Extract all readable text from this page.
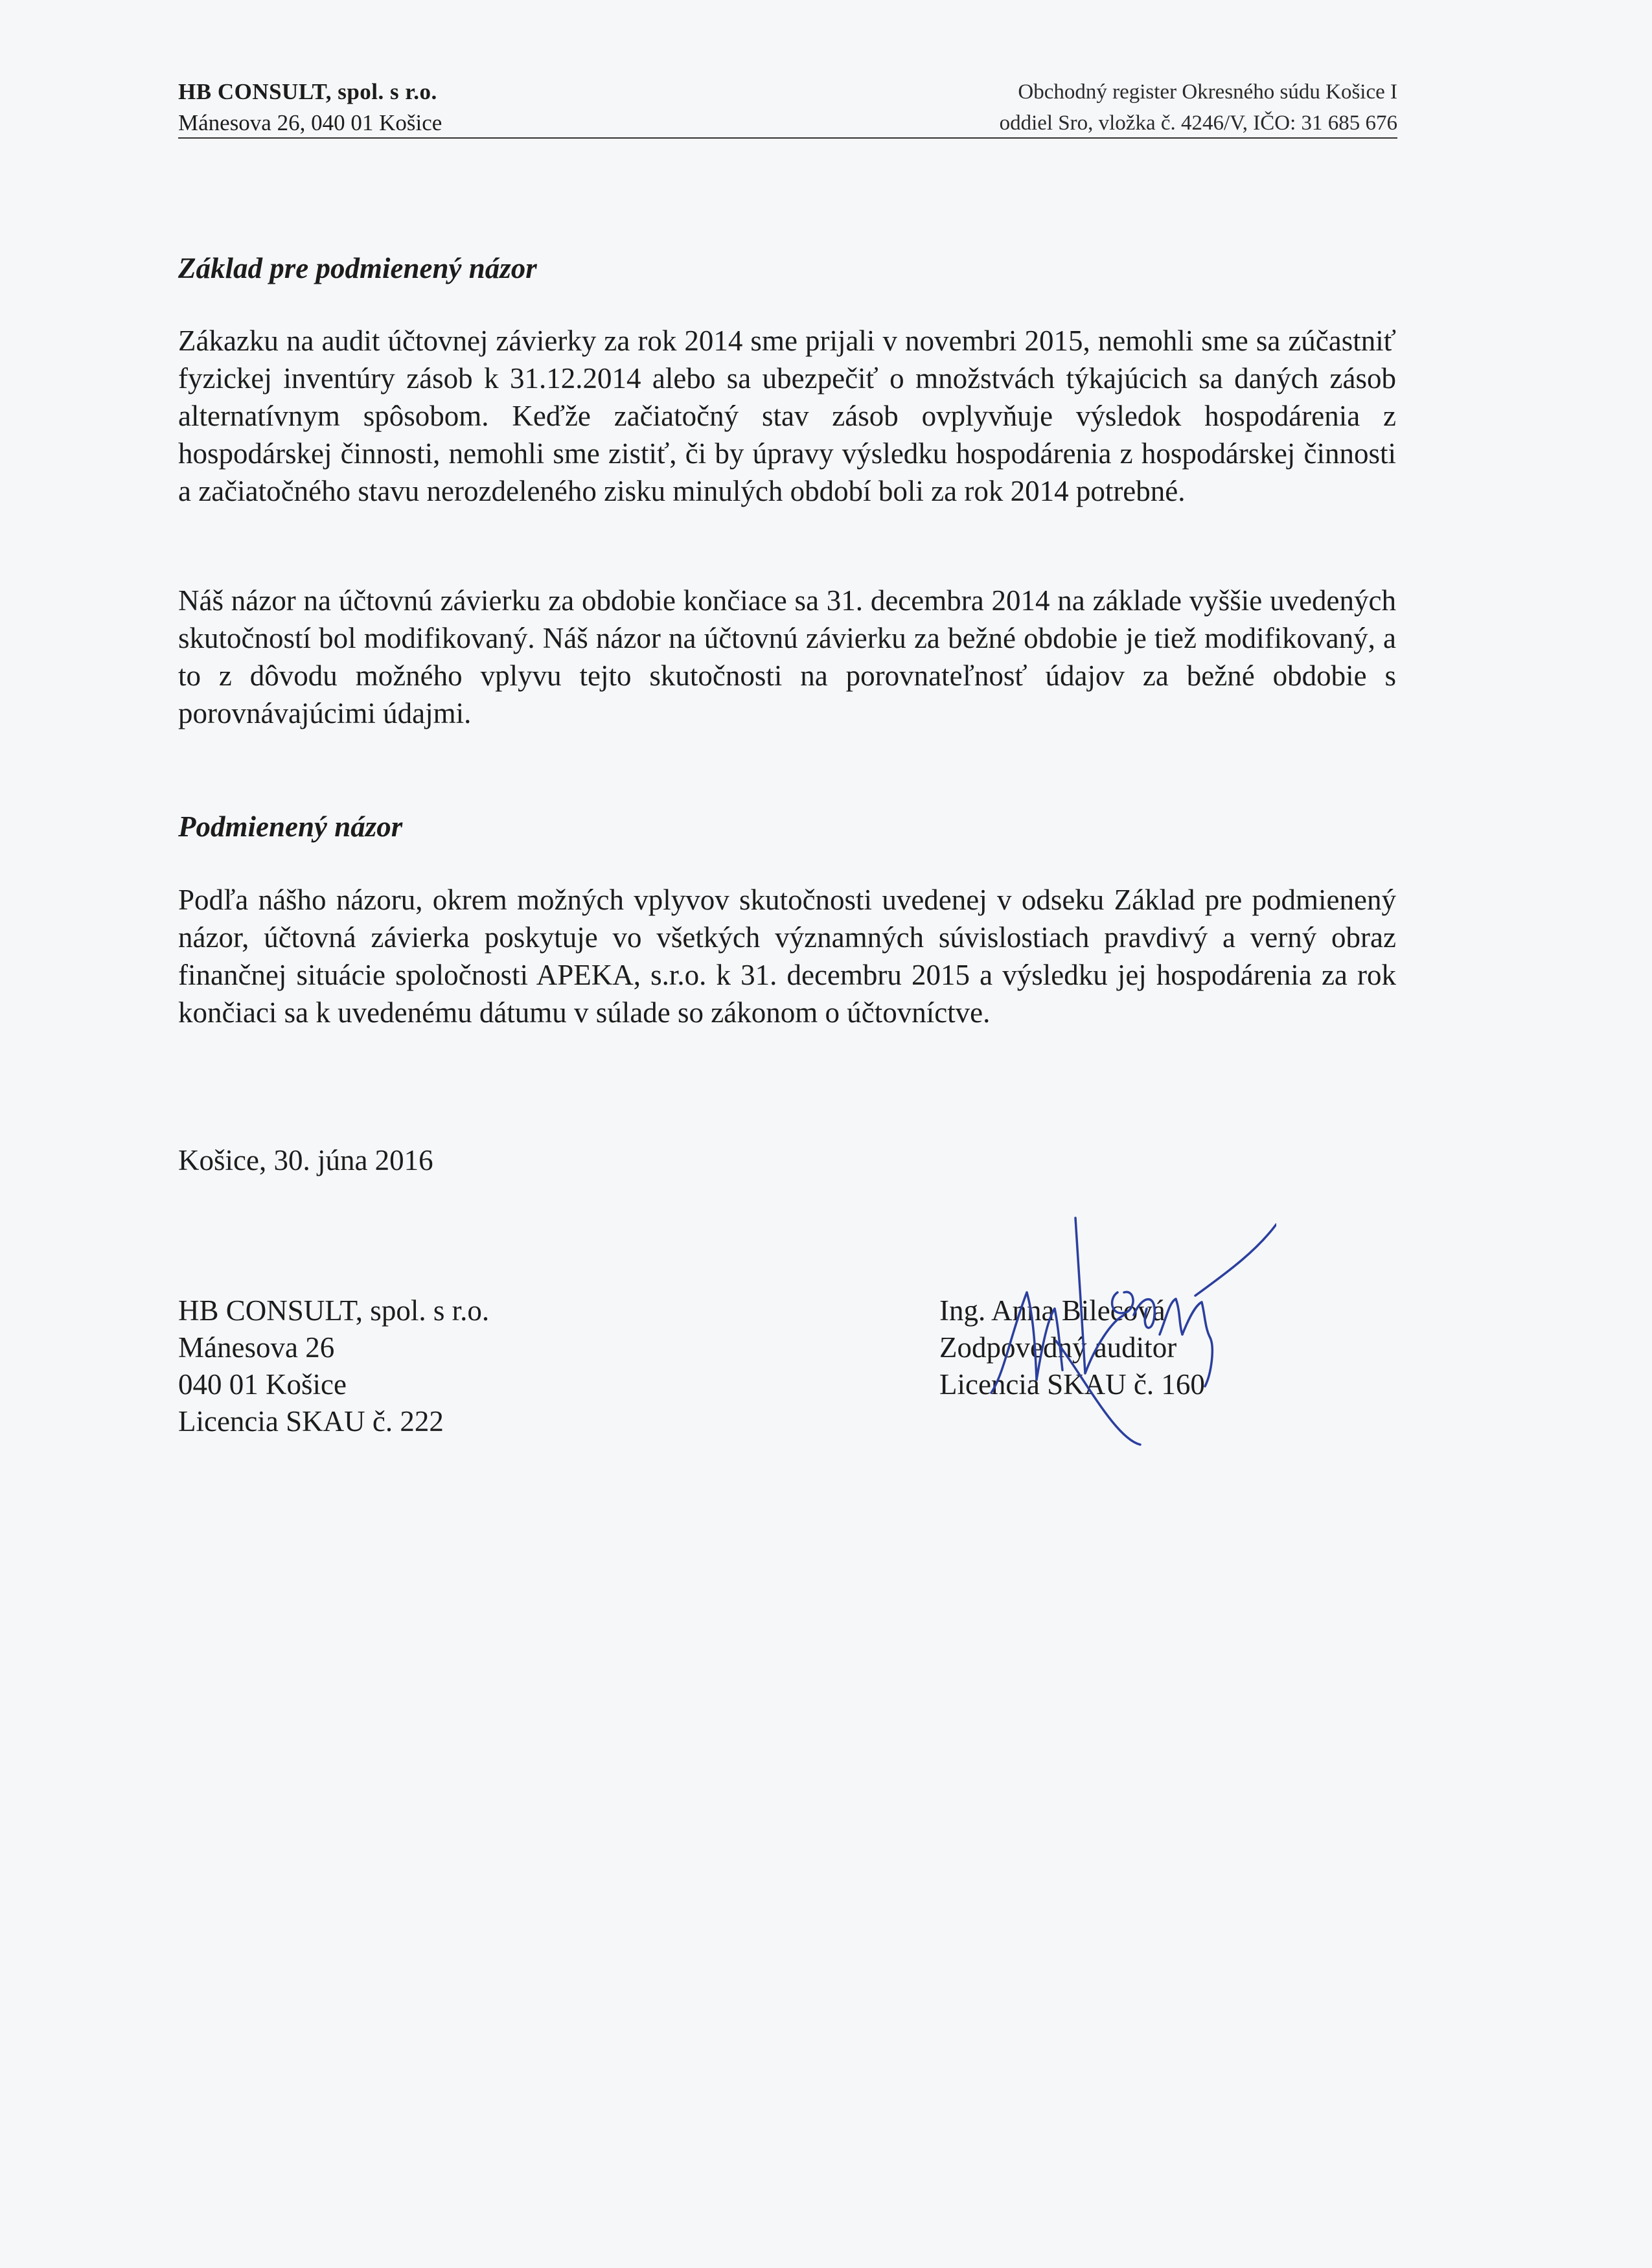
HB CONSULT, spol. s r.o.
Mánesova 26, 040 01 Košice
Obchodný register Okresného súdu Košice I
oddiel Sro, vložka č. 4246/V, IČO: 31 685 676
Základ pre podmienený názor
Zákazku na audit účtovnej závierky za rok 2014 sme prijali v novembri 2015, nemohli sme sa zúčastniť fyzickej inventúry zásob k 31.12.2014 alebo sa ubezpečiť o množstvách týkajúcich sa daných zásob alternatívnym spôsobom. Keďže začiatočný stav zásob ovplyvňuje výsledok hospodárenia z hospodárskej činnosti, nemohli sme zistiť, či by úpravy výsledku hospodárenia z hospodárskej činnosti a začiatočného stavu nerozdeleného zisku minulých období boli za rok 2014 potrebné.
Náš názor na účtovnú závierku za obdobie končiace sa 31. decembra 2014 na základe vyššie uvedených skutočností bol modifikovaný. Náš názor na účtovnú závierku za bežné obdobie je tiež modifikovaný, a to z dôvodu možného vplyvu tejto skutočnosti na porovnateľnosť údajov za bežné obdobie s porovnávajúcimi údajmi.
Podmienený názor
Podľa nášho názoru, okrem možných vplyvov skutočnosti uvedenej v odseku Základ pre podmienený názor, účtovná závierka poskytuje vo všetkých významných súvislostiach pravdivý a verný obraz finančnej situácie spoločnosti APEKA, s.r.o. k 31. decembru 2015 a výsledku jej hospodárenia za rok končiaci sa k uvedenému dátumu v súlade so zákonom o účtovníctve.
Košice, 30. júna 2016
HB CONSULT, spol. s r.o.
Mánesova 26
040 01 Košice
Licencia SKAU č. 222
Ing. Anna Bilecová
Zodpovedný auditor
Licencia SKAU č. 160
